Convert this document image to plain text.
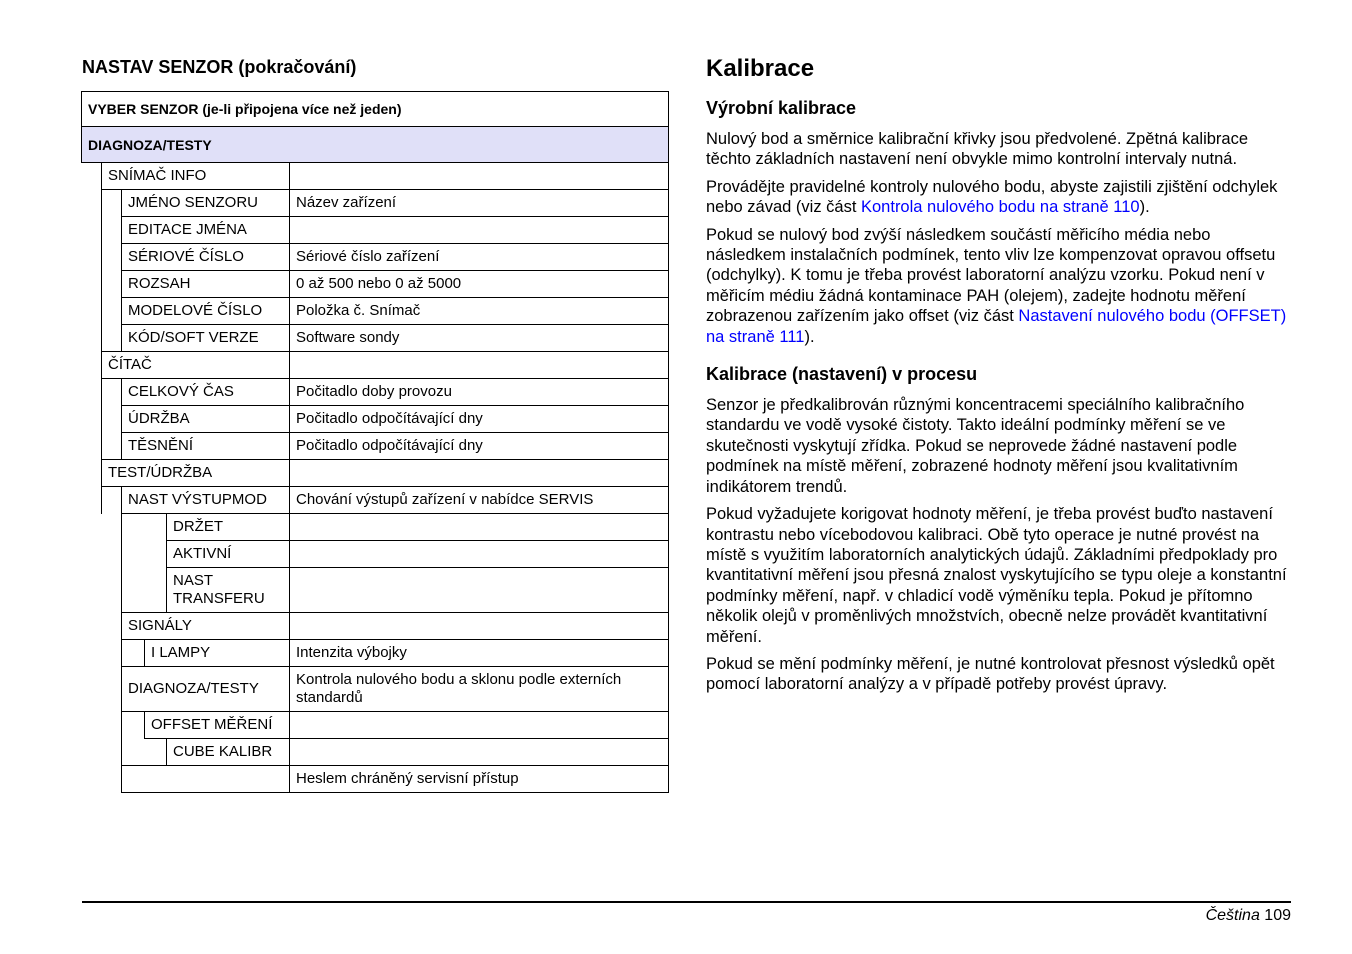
NASTAV SENZOR (pokračování)
VYBER SENZOR (je-li připojena více než jeden)					
DIAGNOZA/TESTY					
	SNÍMAČ INFO				
		JMÉNO SENZORU			Název zařízení
		EDITACE JMÉNA			
		SÉRIOVÉ ČÍSLO			Sériové číslo zařízení
		ROZSAH			0 až 500 nebo 0 až 5000
		MODELOVÉ ČÍSLO			Položka č. Snímač
		KÓD/SOFT VERZE			Software sondy
	ČÍTAČ				
		CELKOVÝ ČAS			Počitadlo doby provozu
		ÚDRŽBA			Počitadlo odpočítávající dny
		TĚSNĚNÍ			Počitadlo odpočítávající dny
	TEST/ÚDRŽBA				
		NAST VÝSTUPMOD			Chování výstupů zařízení v nabídce SERVIS
				DRŽET	
				AKTIVNÍ	
				NAST TRANSFERU	
		SIGNÁLY			
			I LAMPY		Intenzita výbojky
		DIAGNOZA/TESTY			Kontrola nulového bodu a sklonu podle externích standardů
			OFFSET MĚŘENÍ		
				CUBE KALIBR	
					Heslem chráněný servisní přístup
Kalibrace
Výrobní kalibrace

Nulový bod a směrnice kalibrační křivky jsou předvolené. Zpětná kalibrace těchto základních nastavení není obvykle mimo kontrolní intervaly nutná.

Provádějte pravidelné kontroly nulového bodu, abyste zajistili zjištění odchylek nebo závad (viz část Kontrola nulového bodu na straně 110).

Pokud se nulový bod zvýší následkem součástí měřicího média nebo následkem instalačních podmínek, tento vliv lze kompenzovat opravou offsetu (odchylky). K tomu je třeba provést laboratorní analýzu vzorku. Pokud není v měřicím médiu žádná kontaminace PAH (olejem), zadejte hodnotu měření zobrazenou zařízením jako offset (viz část Nastavení nulového bodu (OFFSET) na straně 111).

Kalibrace (nastavení) v procesu

Senzor je předkalibrován různými koncentracemi speciálního kalibračního standardu ve vodě vysoké čistoty. Takto ideální podmínky měření se ve skutečnosti vyskytují zřídka. Pokud se neprovede žádné nastavení podle podmínek na místě měření, zobrazené hodnoty měření jsou kvalitativním indikátorem trendů.

Pokud vyžadujete korigovat hodnoty měření, je třeba provést buďto nastavení kontrastu nebo vícebodovou kalibraci. Obě tyto operace je nutné provést na místě s využitím laboratorních analytických údajů. Základními předpoklady pro kvantitativní měření jsou přesná znalost vyskytujícího se typu oleje a konstantní podmínky měření, např. v chladicí vodě výměníku tepla. Pokud je přítomno několik olejů v proměnlivých množstvích, obecně nelze provádět kvantitativní měření.

Pokud se mění podmínky měření, je nutné kontrolovat přesnost výsledků opět pomocí laboratorní analýzy a v případě potřeby provést úpravy.

Čeština 109
